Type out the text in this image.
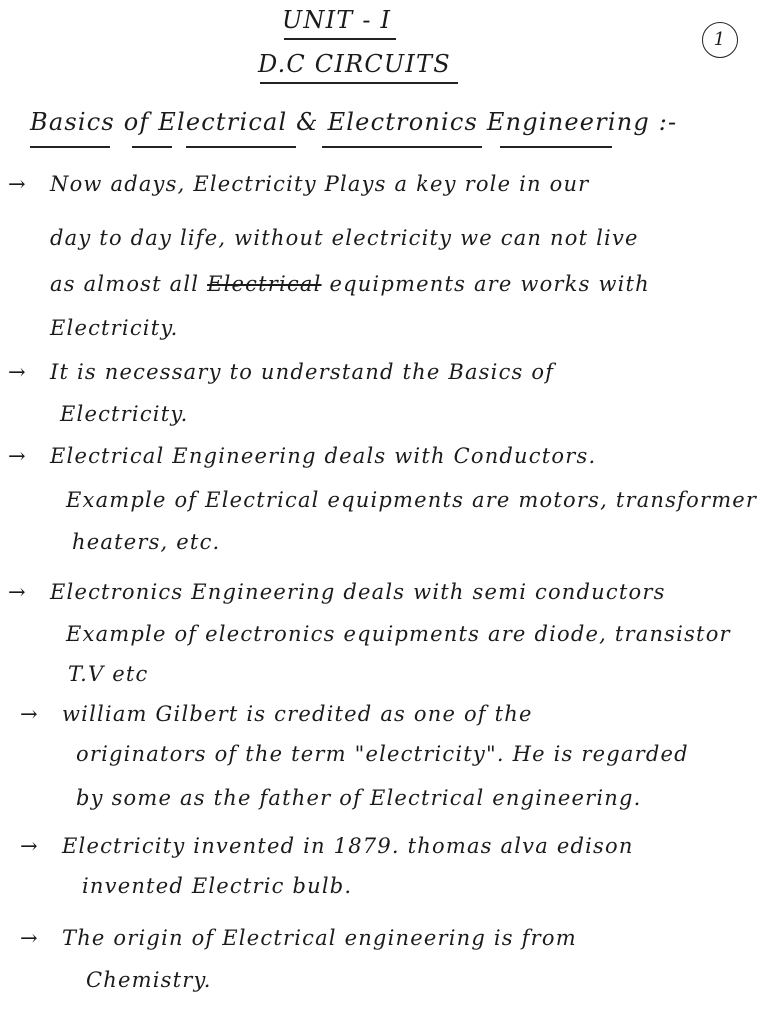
UNIT - I
D.C CIRCUITS
1
Basics of Electrical & Electronics Engineering :-
→ Now adays, Electricity Plays a key role in our
day to day life, without electricity we can not live
as almost all Electrical equipments are works with
Electricity.
→ It is necessary to understand the Basics of
Electricity.
→ Electrical Engineering deals with Conductors.
Example of Electrical equipments are motors, transformer
heaters, etc.
→ Electronics Engineering deals with semi conductors
Example of electronics equipments are diode, transistor
T.V etc
→ william Gilbert is credited as one of the
originators of the term "electricity". He is regarded
by some as the father of Electrical engineering.
→ Electricity invented in 1879. thomas alva edison
invented Electric bulb.
→ The origin of Electrical engineering is from
Chemistry.
